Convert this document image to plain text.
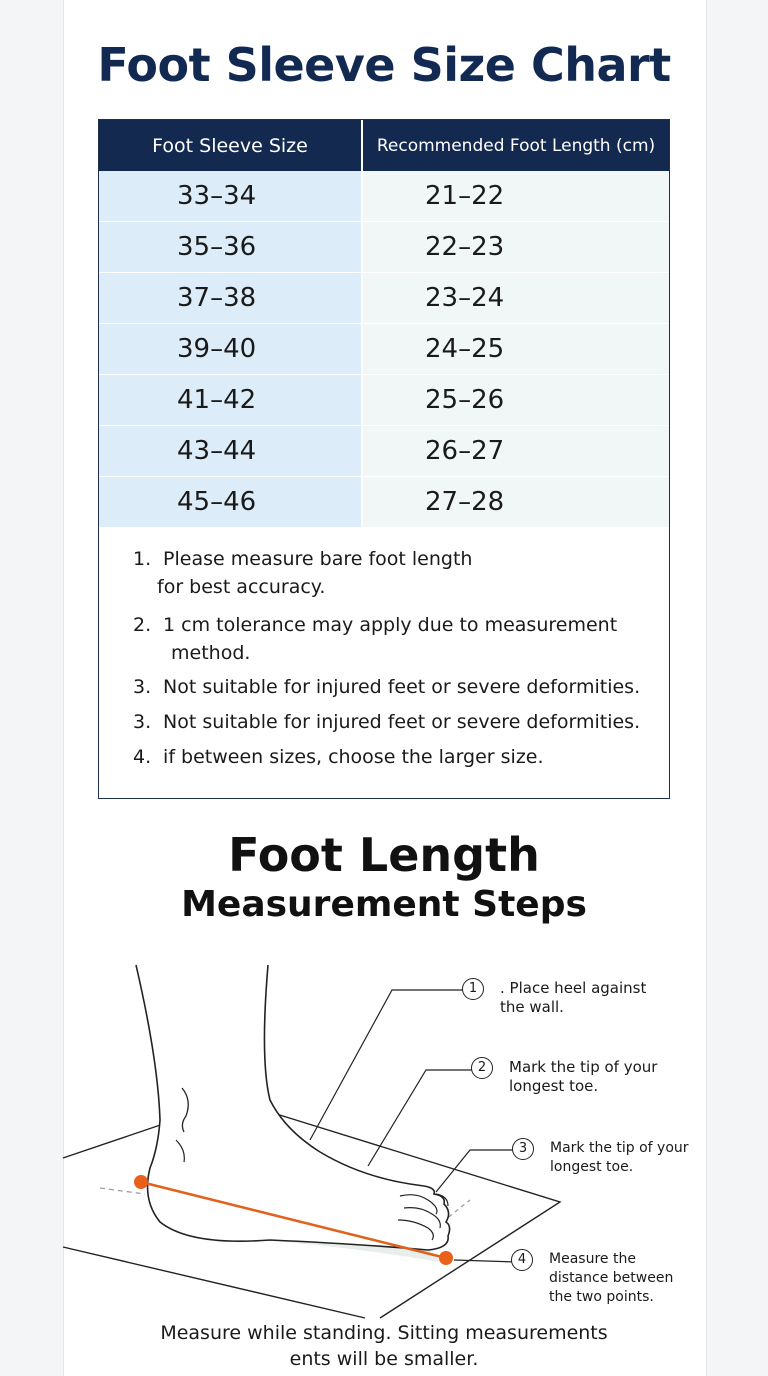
Foot Sleeve Size Chart
Foot Sleeve Size	Recommended Foot Length (cm)
33–34	21–22
35–36	22–23
37–38	23–24
39–40	24–25
41–42	25–26
43–44	26–27
45–46	27–28
1. Please measure bare foot length
for best accuracy.
2. 1 cm tolerance may apply due to measurement
method.
3. Not suitable for injured feet or severe deformities.
3. Not suitable for injured feet or severe deformities.
4. if between sizes, choose the larger size.
Foot Length
Measurement Steps
1	. Place heel against
the wall.
2	Mark the tip of your
longest toe.
3	Mark the tip of your
longest toe.
4	Measure the
distance between
the two points.
Measure while standing. Sitting measurements
ents will be smaller.
